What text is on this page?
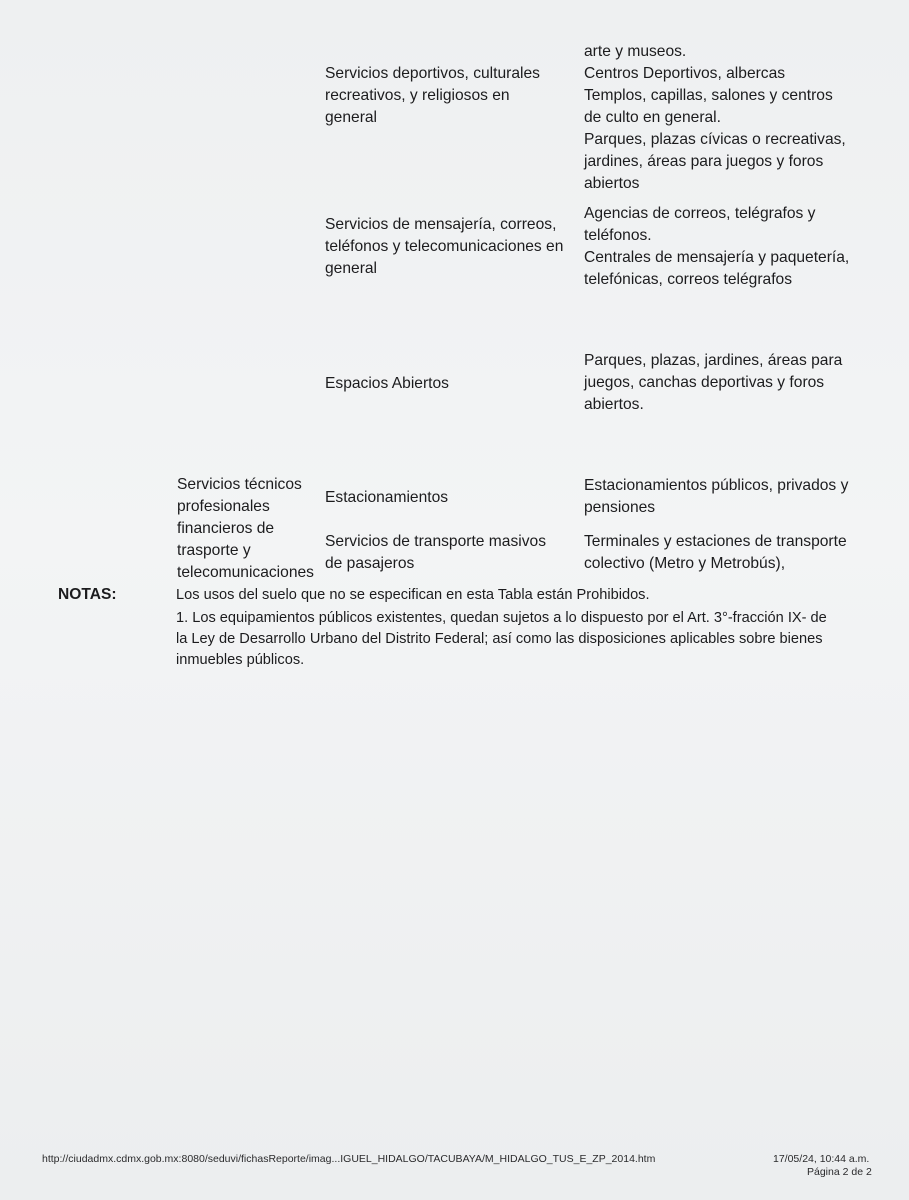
Servicios deportivos, culturales
recreativos, y religiosos en
general
arte y museos.
Centros Deportivos, albercas
Templos, capillas, salones y centros
de culto en general.
Parques, plazas cívicas o recreativas,
jardines, áreas para juegos y foros
abiertos
Servicios de mensajería, correos,
teléfonos y telecomunicaciones en
general
Agencias de correos, telégrafos y
teléfonos.
Centrales de mensajería y paquetería,
telefónicas, correos telégrafos
Espacios Abiertos
Parques, plazas, jardines, áreas para
juegos, canchas deportivas y foros
abiertos.
Servicios técnicos
profesionales
financieros de
trasporte y
telecomunicaciones
Estacionamientos
Estacionamientos públicos, privados y
pensiones
Servicios de transporte masivos
de pasajeros
Terminales y estaciones de transporte
colectivo (Metro y Metrobús),
NOTAS:	Los usos del suelo que no se especifican en esta Tabla están Prohibidos.
1. Los equipamientos públicos existentes, quedan sujetos a lo dispuesto por el Art. 3°-fracción IX- de
la Ley de Desarrollo Urbano del Distrito Federal; así como las disposiciones aplicables sobre bienes
inmuebles públicos.
http://ciudadmx.cdmx.gob.mx:8080/seduvi/fichasReporte/imag...IGUEL_HIDALGO/TACUBAYA/M_HIDALGO_TUS_E_ZP_2014.htm	17/05/24, 10:44 a.m.
Página 2 de 2
